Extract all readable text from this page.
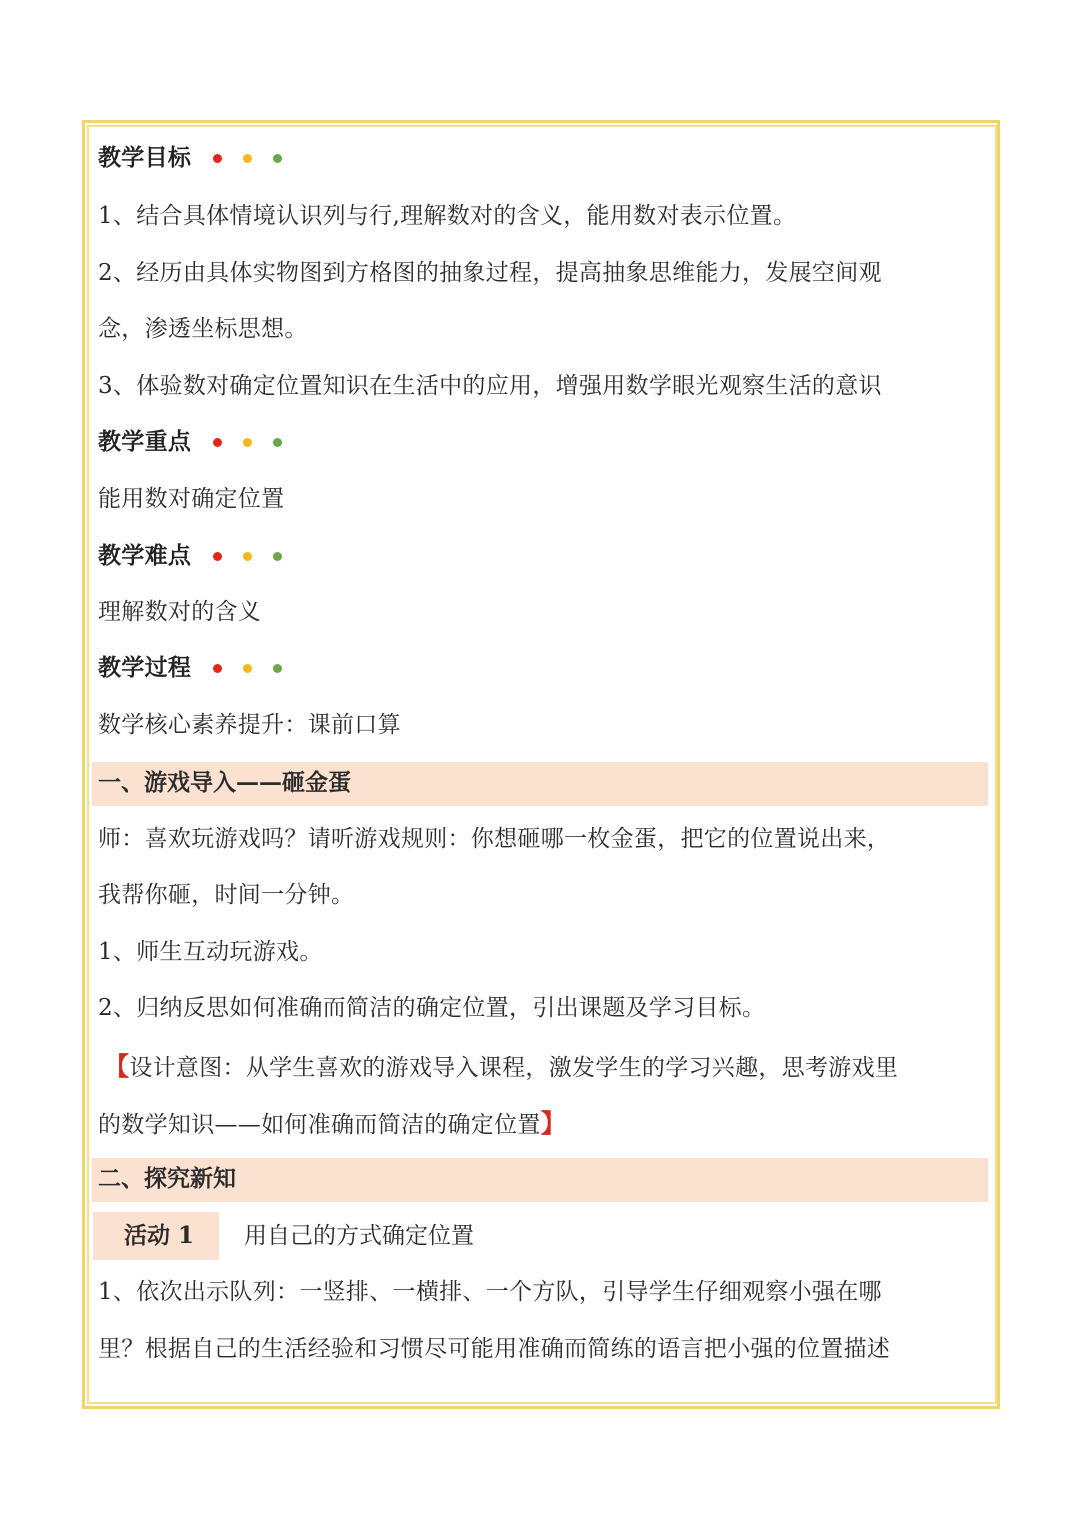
教学目标
1、结合具体情境认识列与行,理解数对的含义，能用数对表示位置。
2、经历由具体实物图到方格图的抽象过程，提高抽象思维能力，发展空间观
念，渗透坐标思想。
3、体验数对确定位置知识在生活中的应用，增强用数学眼光观察生活的意识
教学重点
能用数对确定位置
教学难点
理解数对的含义
教学过程
数学核心素养提升：课前口算
一、游戏导入——砸金蛋
师：喜欢玩游戏吗？请听游戏规则：你想砸哪一枚金蛋，把它的位置说出来，
我帮你砸，时间一分钟。
1、师生互动玩游戏。
2、归纳反思如何准确而简洁的确定位置，引出课题及学习目标。
【设计意图：从学生喜欢的游戏导入课程，激发学生的学习兴趣，思考游戏里
的数学知识——如何准确而简洁的确定位置】
二、探究新知
活动 1 用自己的方式确定位置
1、依次出示队列：一竖排、一横排、一个方队，引导学生仔细观察小强在哪
里？根据自己的生活经验和习惯尽可能用准确而简练的语言把小强的位置描述
